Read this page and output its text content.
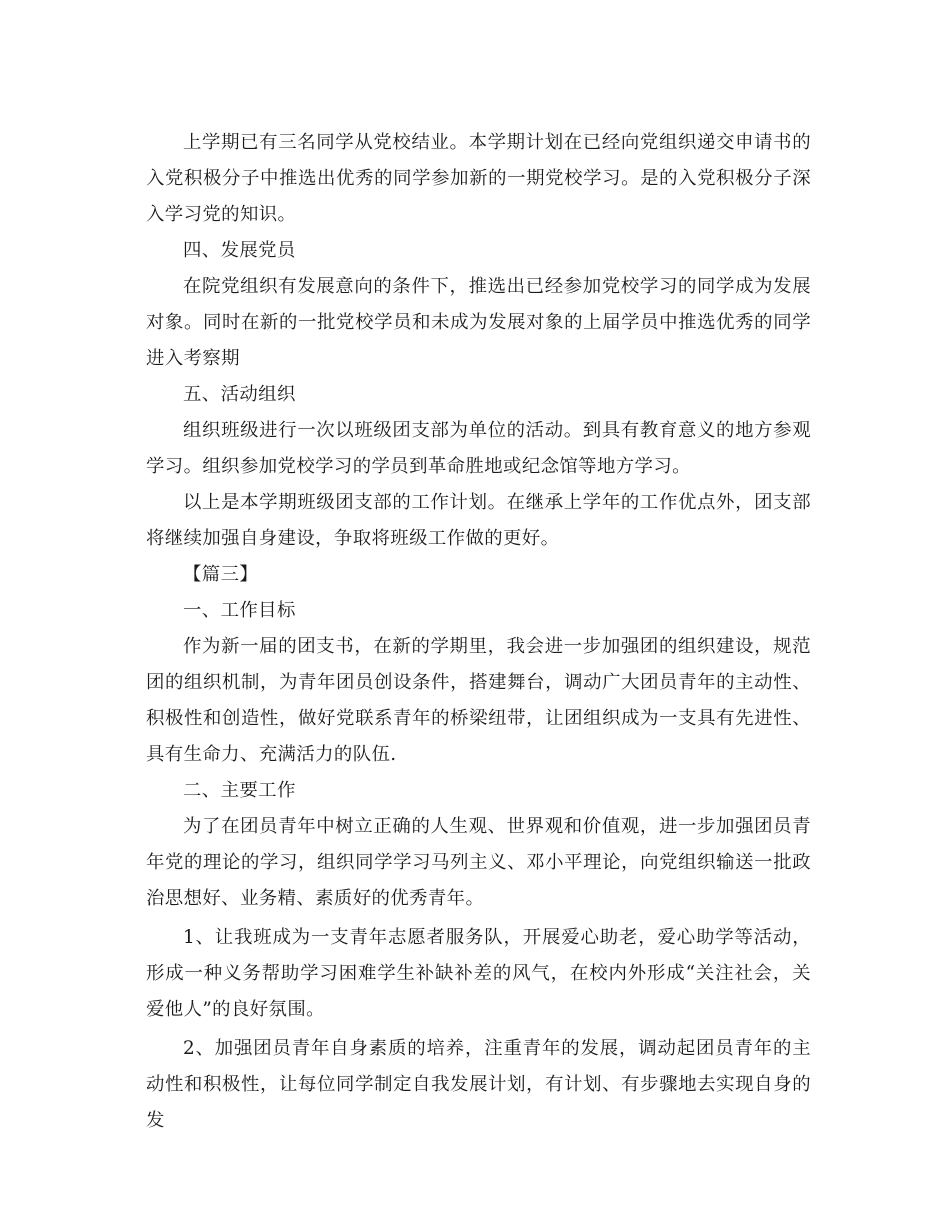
上学期已有三名同学从党校结业。本学期计划在已经向党组织递交申请书的入党积极分子中推选出优秀的同学参加新的一期党校学习。是的入党积极分子深入学习党的知识。

四、发展党员

在院党组织有发展意向的条件下，推选出已经参加党校学习的同学成为发展对象。同时在新的一批党校学员和未成为发展对象的上届学员中推选优秀的同学进入考察期

五、活动组织

组织班级进行一次以班级团支部为单位的活动。到具有教育意义的地方参观学习。组织参加党校学习的学员到革命胜地或纪念馆等地方学习。

以上是本学期班级团支部的工作计划。在继承上学年的工作优点外，团支部将继续加强自身建设，争取将班级工作做的更好。

【篇三】

一、工作目标

作为新一届的团支书，在新的学期里，我会进一步加强团的组织建设，规范团的组织机制，为青年团员创设条件，搭建舞台，调动广大团员青年的主动性、积极性和创造性，做好党联系青年的桥梁纽带，让团组织成为一支具有先进性、具有生命力、充满活力的队伍.

二、主要工作

为了在团员青年中树立正确的人生观、世界观和价值观，进一步加强团员青年党的理论的学习，组织同学学习马列主义、邓小平理论，向党组织输送一批政治思想好、业务精、素质好的优秀青年。

1、让我班成为一支青年志愿者服务队，开展爱心助老，爱心助学等活动，形成一种义务帮助学习困难学生补缺补差的风气，在校内外形成“关注社会，关爱他人”的良好氛围。

2、加强团员青年自身素质的培养，注重青年的发展，调动起团员青年的主动性和积极性，让每位同学制定自我发展计划，有计划、有步骤地去实现自身的发
